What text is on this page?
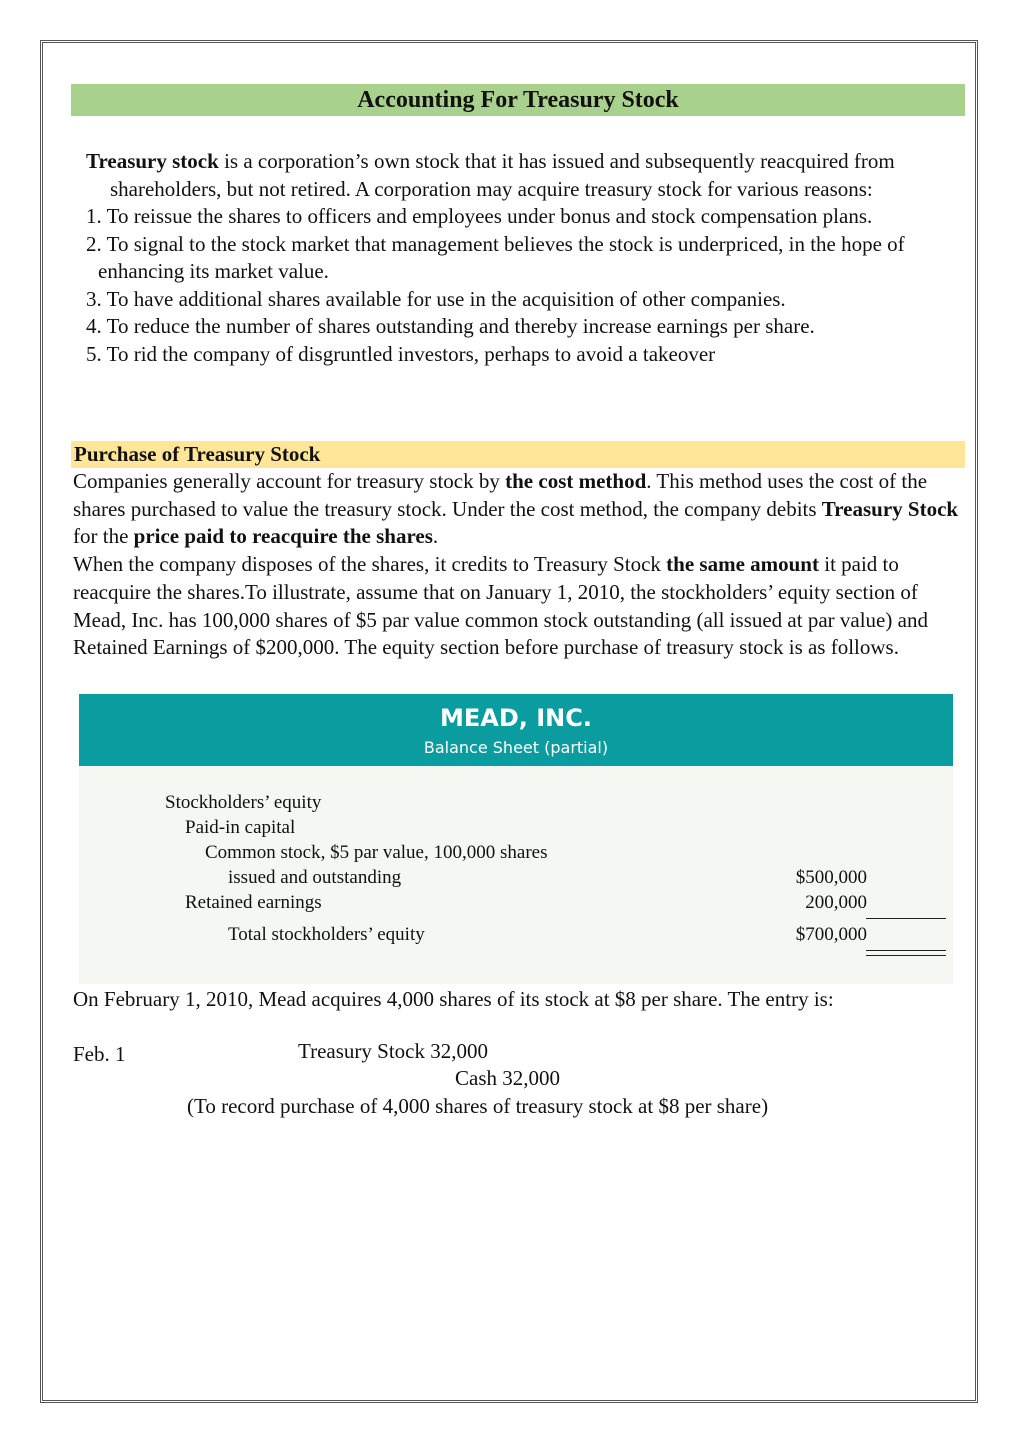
Accounting For Treasury Stock

Treasury stock is a corporation’s own stock that it has issued and subsequently reacquired from shareholders, but not retired. A corporation may acquire treasury stock for various reasons:

1. To reissue the shares to officers and employees under bonus and stock compensation plans.
2. To signal to the stock market that management believes the stock is underpriced, in the hope of enhancing its market value.
3. To have additional shares available for use in the acquisition of other companies.
4. To reduce the number of shares outstanding and thereby increase earnings per share.
5. To rid the company of disgruntled investors, perhaps to avoid a takeover
Purchase of Treasury Stock

Companies generally account for treasury stock by the cost method. This method uses the cost of the shares purchased to value the treasury stock. Under the cost method, the company debits Treasury Stock for the price paid to reacquire the shares.

When the company disposes of the shares, it credits to Treasury Stock the same amount it paid to reacquire the shares.To illustrate, assume that on January 1, 2010, the stockholders’ equity section of Mead, Inc. has 100,000 shares of $5 par value common stock outstanding (all issued at par value) and Retained Earnings of $200,000. The equity section before purchase of treasury stock is as follows.

MEAD, INC.
Balance Sheet (partial)
Stockholders’ equity
Paid-in capital
Common stock, $5 par value, 100,000 shares
issued and outstanding	$500,000
Retained earnings	200,000
Total stockholders’ equity	$700,000
On February 1, 2010, Mead acquires 4,000 shares of its stock at $8 per share. The entry is:
Feb. 1	Treasury Stock 32,000
Cash 32,000
(To record purchase of 4,000 shares of treasury stock at $8 per share)
